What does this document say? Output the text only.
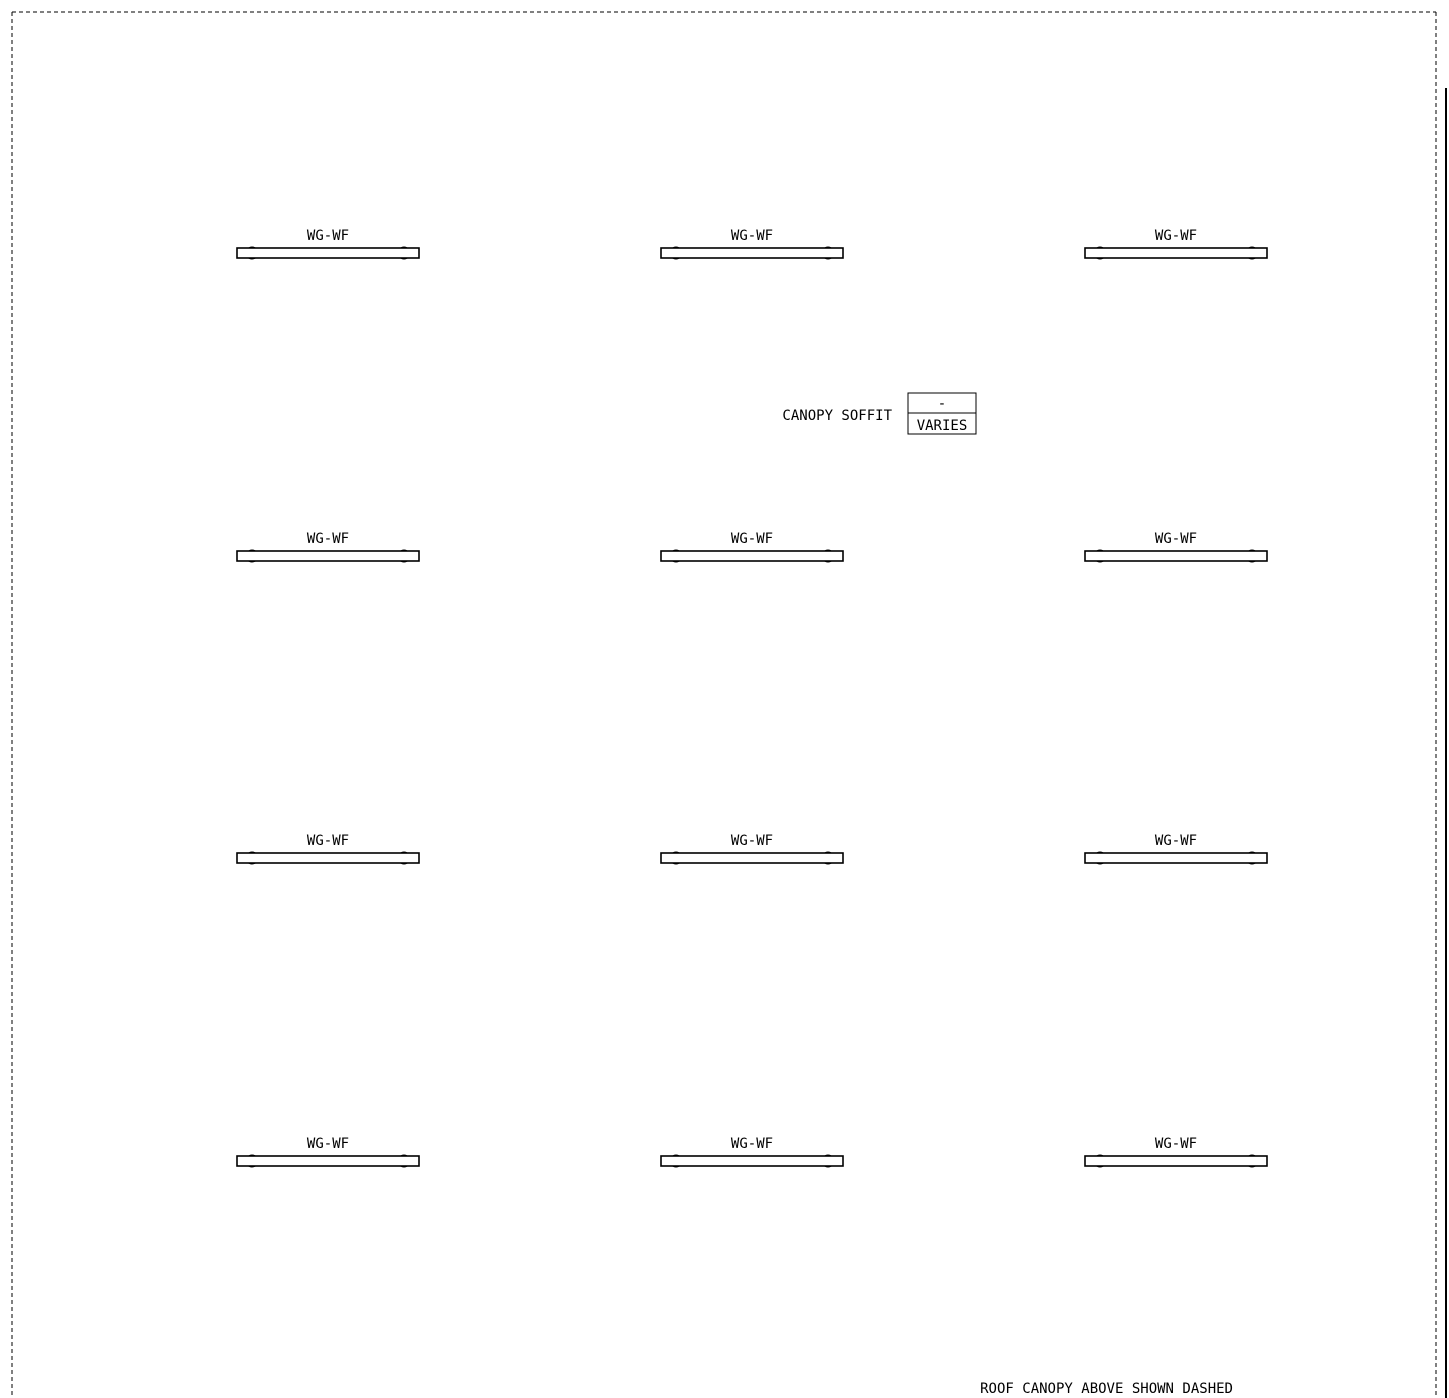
WG-WF	WG-WF	WG-WF
WG-WF	WG-WF	WG-WF
WG-WF	WG-WF	WG-WF
WG-WF	WG-WF	WG-WF
CANOPY SOFFIT
-
VARIES
ROOF CANOPY ABOVE SHOWN DASHED
